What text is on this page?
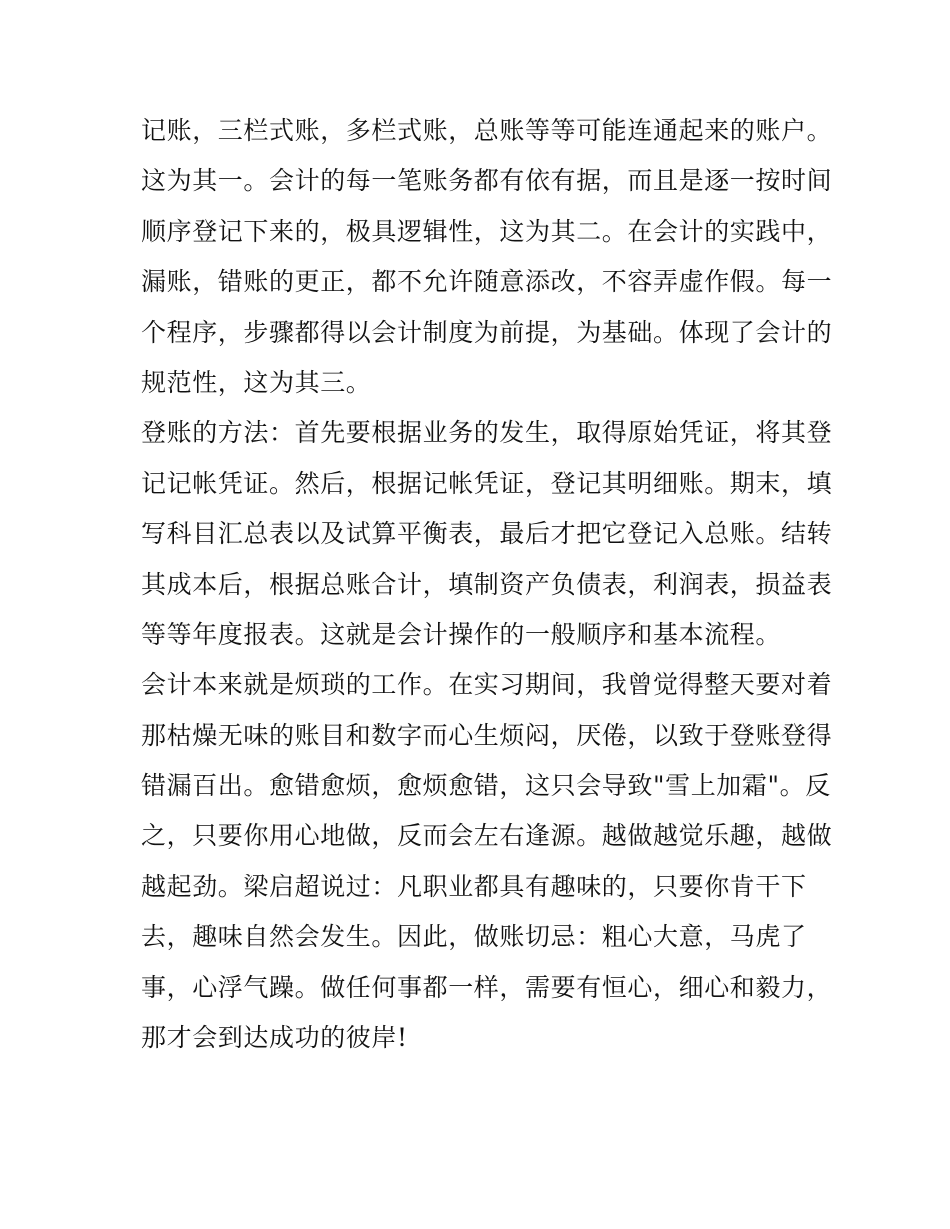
记账，三栏式账，多栏式账，总账等等可能连通起来的账户。
这为其一。会计的每一笔账务都有依有据，而且是逐一按时间
顺序登记下来的，极具逻辑性，这为其二。在会计的实践中，
漏账，错账的更正，都不允许随意添改，不容弄虚作假。每一
个程序，步骤都得以会计制度为前提，为基础。体现了会计的
规范性，这为其三。
登账的方法：首先要根据业务的发生，取得原始凭证，将其登
记记帐凭证。然后，根据记帐凭证，登记其明细账。期末，填
写科目汇总表以及试算平衡表，最后才把它登记入总账。结转
其成本后，根据总账合计，填制资产负债表，利润表，损益表
等等年度报表。这就是会计操作的一般顺序和基本流程。
会计本来就是烦琐的工作。在实习期间，我曾觉得整天要对着
那枯燥无味的账目和数字而心生烦闷，厌倦，以致于登账登得
错漏百出。愈错愈烦，愈烦愈错，这只会导致"雪上加霜"。反
之，只要你用心地做，反而会左右逢源。越做越觉乐趣，越做
越起劲。梁启超说过：凡职业都具有趣味的，只要你肯干下
去，趣味自然会发生。因此，做账切忌：粗心大意，马虎了
事，心浮气躁。做任何事都一样，需要有恒心，细心和毅力，
那才会到达成功的彼岸!
